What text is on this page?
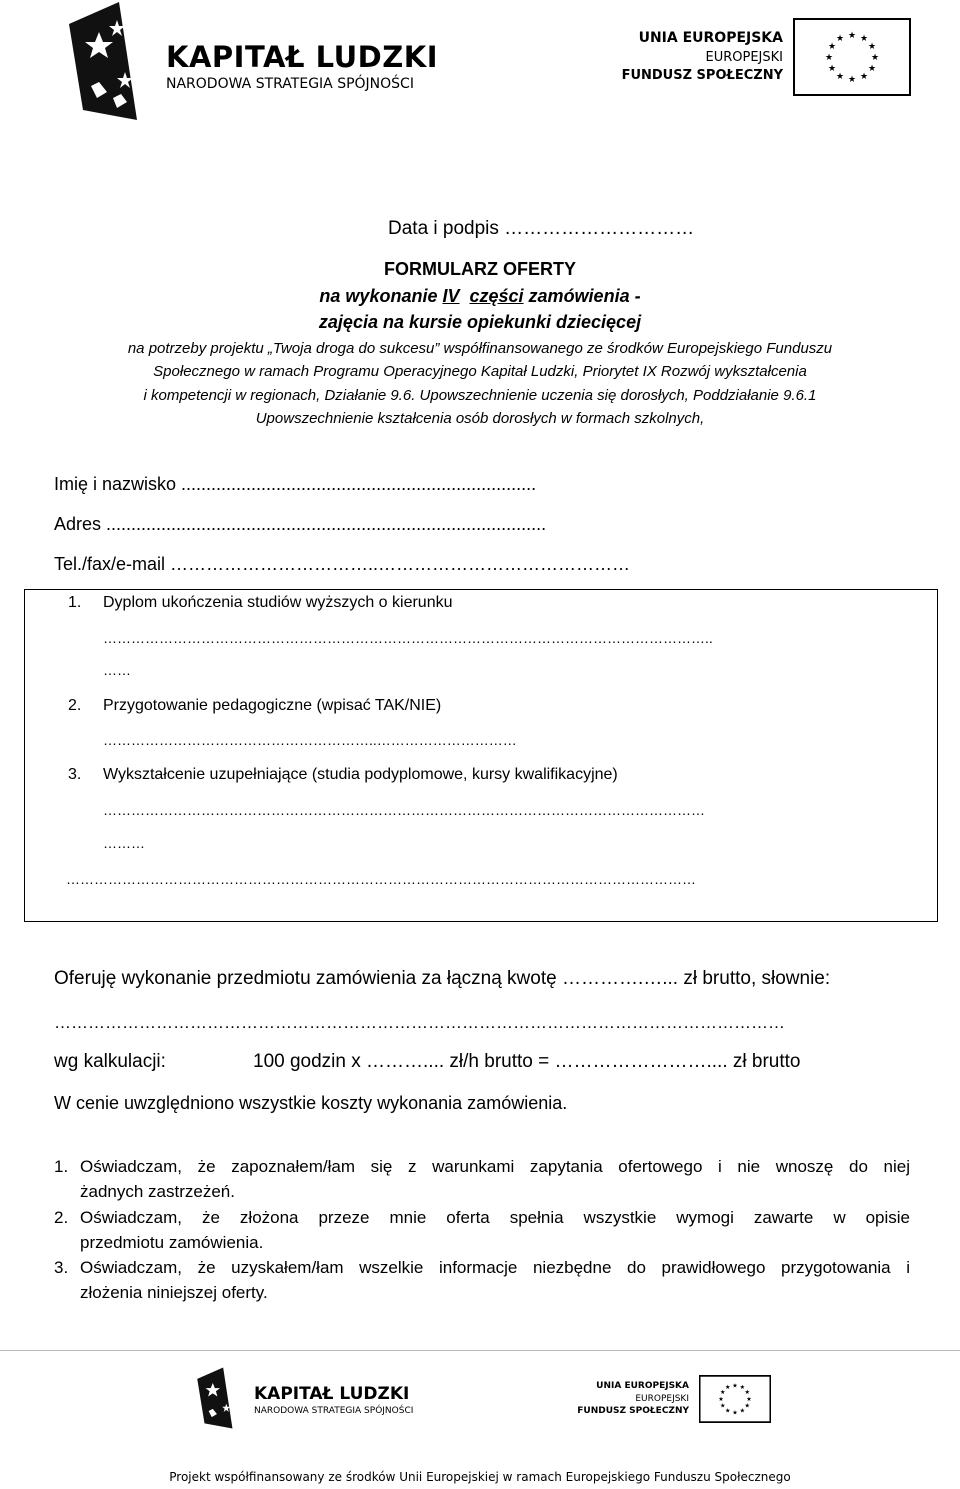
KAPITAŁ LUDZKI
NARODOWA STRATEGIA SPÓJNOŚCI
UNIA EUROPEJSKA
EUROPEJSKI
FUNDUSZ SPOŁECZNY
★ ★
★
★
★
★
★
★
★
★
★
★
Data i podpis …………………………
FORMULARZ OFERTY
na wykonanie IV części zamówienia -
zajęcia na kursie opiekunki dziecięcej
na potrzeby projektu „Twoja droga do sukcesu” współfinansowanego ze środków Europejskiego Funduszu
Społecznego w ramach Programu Operacyjnego Kapitał Ludzki, Priorytet IX Rozwój wykształcenia
i kompetencji w regionach, Działanie 9.6. Upowszechnienie uczenia się dorosłych, Poddziałanie 9.6.1
Upowszechnienie kształcenia osób dorosłych w formach szkolnych,
Imię i nazwisko .......................................................................
Adres ........................................................................................
Tel./fax/e-mail ……………………………..……………………………………
1. Dyplom ukończenia studiów wyższych o kierunku
…………………………………………………………………………………………………………………..
……
2. Przygotowanie pedagogiczne (wpisać TAK/NIE)
…………………………………………………..…………………………
3. Wykształcenie uzupełniające (studia podyplomowe, kursy kwalifikacyjne)
…………………………………………………………………………………………………………………
………
………………………………………………………………………………………………………………………
Oferuję wykonanie przedmiotu zamówienia za łączną kwotę ………….…... zł brutto, słownie:
…………………………………………………………………………………………………………………
wg kalkulacji:	100 godzin x ……….... zł/h brutto = …………………….... zł brutto
W cenie uwzględniono wszystkie koszty wykonania zamówienia.
1. Oświadczam, że zapoznałem/łam się z warunkami zapytania ofertowego i nie wnoszę do niej
żadnych zastrzeżeń.
2. Oświadczam, że złożona przeze mnie oferta spełnia wszystkie wymogi zawarte w opisie
przedmiotu zamówienia.
3. Oświadczam, że uzyskałem/łam wszelkie informacje niezbędne do prawidłowego przygotowania i
złożenia niniejszej oferty.
KAPITAŁ LUDZKI
NARODOWA STRATEGIA SPÓJNOŚCI
UNIA EUROPEJSKA
EUROPEJSKI
FUNDUSZ SPOŁECZNY
★ ★
★
★
★
★
★
★
★
★
★
★
Projekt współfinansowany ze środków Unii Europejskiej w ramach Europejskiego Funduszu Społecznego
